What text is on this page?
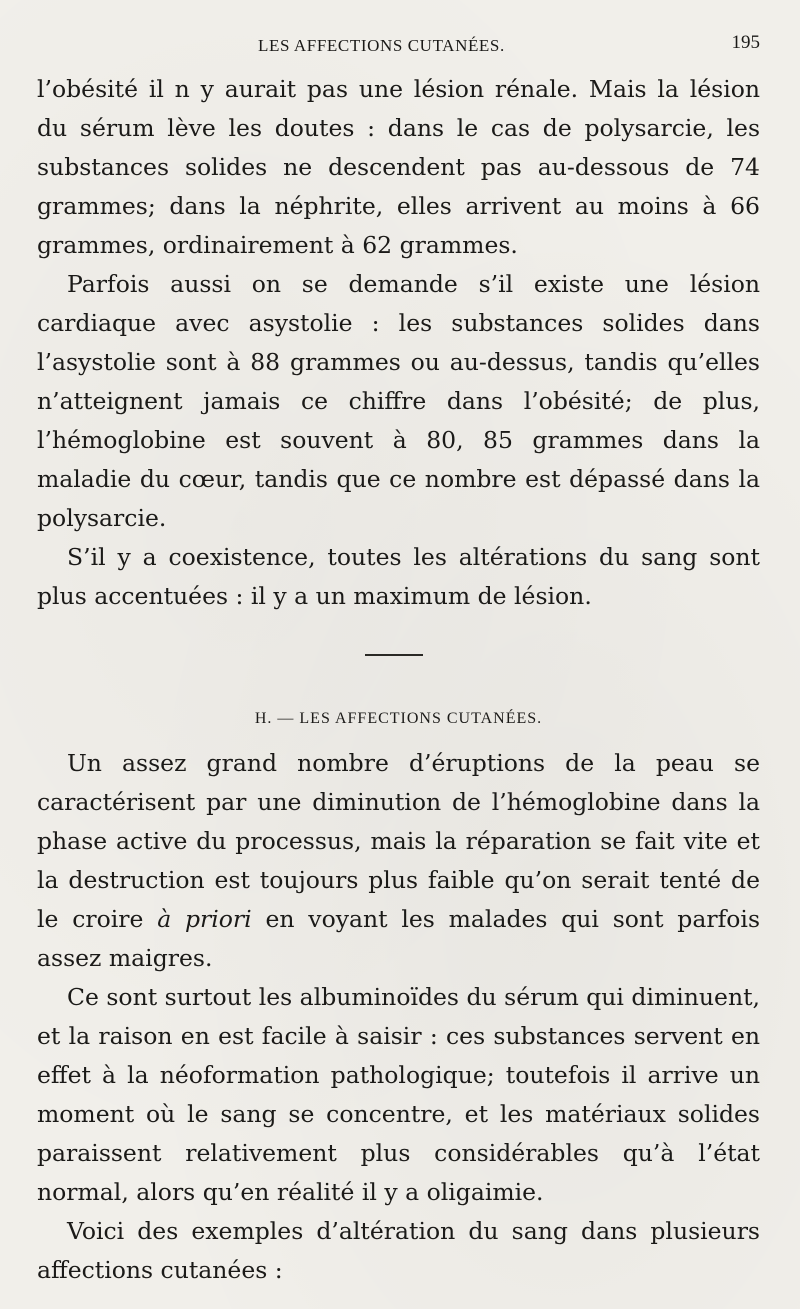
LES AFFECTIONS CUTANÉES.	195

l’obésité il n y aurait pas une lésion rénale. Mais la lésion du sérum lève les doutes : dans le cas de polysarcie, les substances solides ne descendent pas au-dessous de 74 grammes; dans la néphrite, elles arrivent au moins à 66 grammes, ordinairement à 62 grammes.

Parfois aussi on se demande s’il existe une lésion cardiaque avec asystolie : les substances solides dans l’asystolie sont à 88 grammes ou au-dessus, tandis qu’elles n’atteignent jamais ce chiffre dans l’obésité; de plus, l’hémoglobine est souvent à 80, 85 grammes dans la maladie du cœur, tandis que ce nombre est dépassé dans la polysarcie.

S’il y a coexistence, toutes les altérations du sang sont plus accentuées : il y a un maximum de lésion.

H. — LES AFFECTIONS CUTANÉES.

Un assez grand nombre d’éruptions de la peau se caractérisent par une diminution de l’hémoglobine dans la phase active du processus, mais la réparation se fait vite et la destruction est toujours plus faible qu’on serait tenté de le croire à priori en voyant les malades qui sont parfois assez maigres.

Ce sont surtout les albuminoïdes du sérum qui diminuent, et la raison en est facile à saisir : ces substances servent en effet à la néoformation pathologique; toutefois il arrive un moment où le sang se concentre, et les matériaux solides paraissent relativement plus considérables qu’à l’état normal, alors qu’en réalité il y a oligaimie.

Voici des exemples d’altération du sang dans plusieurs affections cutanées :
